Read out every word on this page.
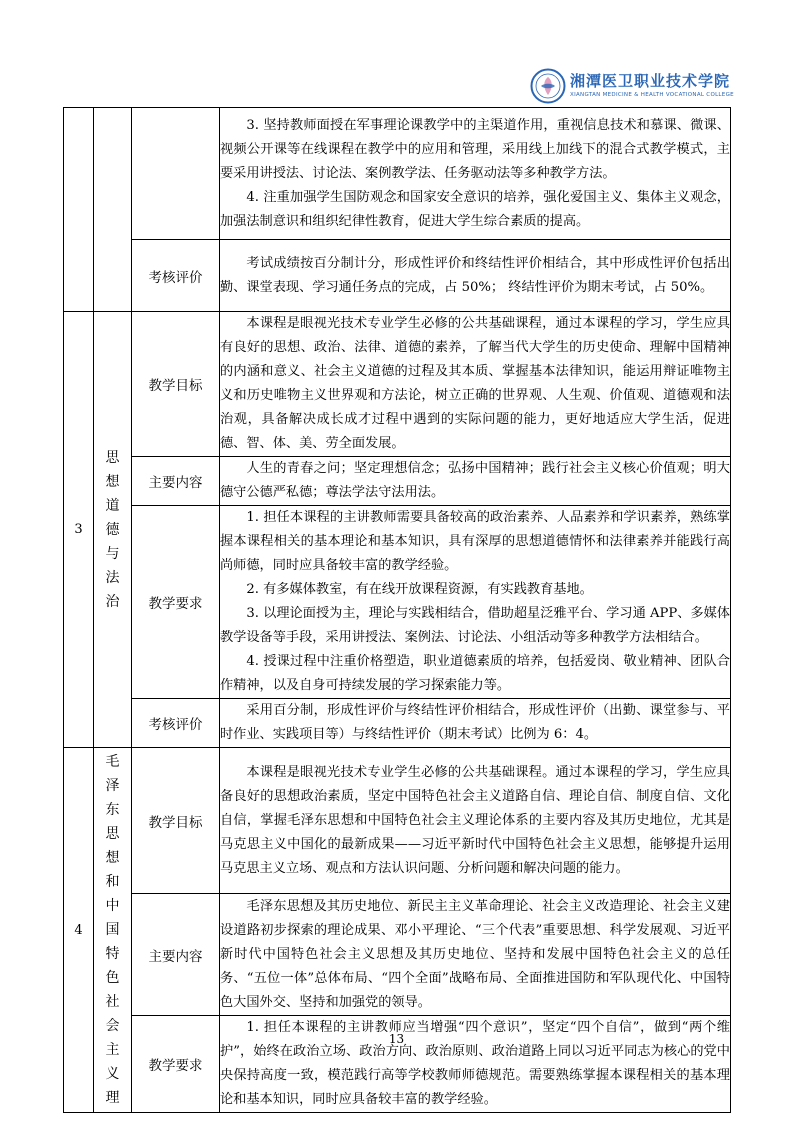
湘潭医卫职业技术学院
XIANGTAN MEDICINE & HEALTH VOCATIONAL COLLEGE

			3. 坚持教师面授在军事理论课教学中的主渠道作用，重视信息技术和慕课、微课、视频公开课等在线课程在教学中的应用和管理，采用线上加线下的混合式教学模式，主要采用讲授法、讨论法、案例教学法、任务驱动法等多种教学方法。

4. 注重加强学生国防观念和国家安全意识的培养，强化爱国主义、集体主义观念，加强法制意识和组织纪律性教育，促进大学生综合素质的提高。

		考核评价	考试成绩按百分制计分，形成性评价和终结性评价相结合，其中形成性评价包括出勤、课堂表现、学习通任务点的完成，占 50%； 终结性评价为期末考试，占 50%。

3	思想道德与法治	教学目标	本课程是眼视光技术专业学生必修的公共基础课程，通过本课程的学习，学生应具有良好的思想、政治、法律、道德的素养，了解当代大学生的历史使命、理解中国精神的内涵和意义、社会主义道德的过程及其本质、掌握基本法律知识，能运用辩证唯物主义和历史唯物主义世界观和方法论，树立正确的世界观、人生观、价值观、道德观和法治观，具备解决成长成才过程中遇到的实际问题的能力，更好地适应大学生活，促进德、智、体、美、劳全面发展。

		主要内容	人生的青春之问；坚定理想信念；弘扬中国精神；践行社会主义核心价值观；明大德守公德严私德；尊法学法守法用法。

		教学要求	1. 担任本课程的主讲教师需要具备较高的政治素养、人品素养和学识素养，熟练掌握本课程相关的基本理论和基本知识，具有深厚的思想道德情怀和法律素养并能践行高尚师德，同时应具备较丰富的教学经验。

2. 有多媒体教室，有在线开放课程资源，有实践教育基地。

3. 以理论面授为主，理论与实践相结合，借助超星泛雅平台、学习通 APP、多媒体教学设备等手段，采用讲授法、案例法、讨论法、小组活动等多种教学方法相结合。

4. 授课过程中注重价格塑造，职业道德素质的培养，包括爱岗、敬业精神、团队合作精神，以及自身可持续发展的学习探索能力等。

		考核评价	采用百分制，形成性评价与终结性评价相结合，形成性评价（出勤、课堂参与、平时作业、实践项目等）与终结性评价（期末考试）比例为 6：4。

4	毛泽东思想和中国特色社会主义理	教学目标	本课程是眼视光技术专业学生必修的公共基础课程。通过本课程的学习，学生应具备良好的思想政治素质，坚定中国特色社会主义道路自信、理论自信、制度自信、文化自信，掌握毛泽东思想和中国特色社会主义理论体系的主要内容及其历史地位，尤其是马克思主义中国化的最新成果——习近平新时代中国特色社会主义思想，能够提升运用马克思主义立场、观点和方法认识问题、分析问题和解决问题的能力。

		主要内容	毛泽东思想及其历史地位、新民主主义革命理论、社会主义改造理论、社会主义建设道路初步探索的理论成果、邓小平理论、“三个代表”重要思想、科学发展观、习近平新时代中国特色社会主义思想及其历史地位、坚持和发展中国特色社会主义的总任务、“五位一体”总体布局、“四个全面”战略布局、全面推进国防和军队现代化、中国特色大国外交、坚持和加强党的领导。

		教学要求	1. 担任本课程的主讲教师应当增强“四个意识”，坚定“四个自信”，做到“两个维护”，始终在政治立场、政治方向、政治原则、政治道路上同以习近平同志为核心的党中央保持高度一致，模范践行高等学校教师师德规范。需要熟练掌握本课程相关的基本理论和基本知识，同时应具备较丰富的教学经验。

13
